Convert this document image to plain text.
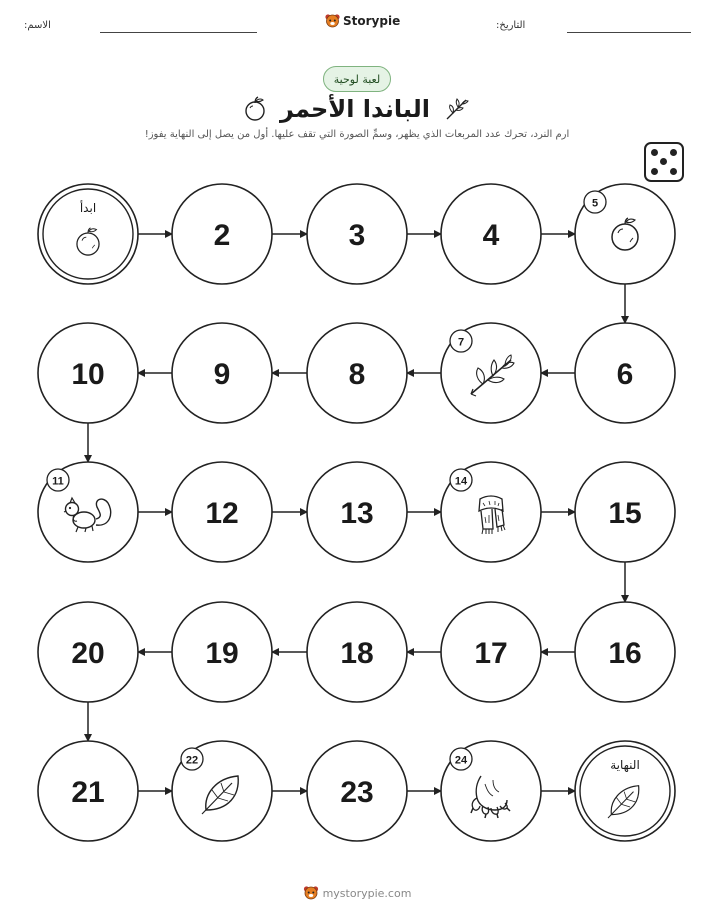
الاسم:	Storypie	التاريخ:
لعبة لوحية
الباندا الأحمر
ارم النرد، تحرك عدد المربعات الذي يظهر، وسمِّ الصورة التي تقف عليها. أول من يصل إلى النهاية يفوز!
ابدأ
2	3	4
5
10	9	8
7
6
11
12	13
14
15
20	19	18	17	16
21
22
23
24	النهاية
mystorypie.com
